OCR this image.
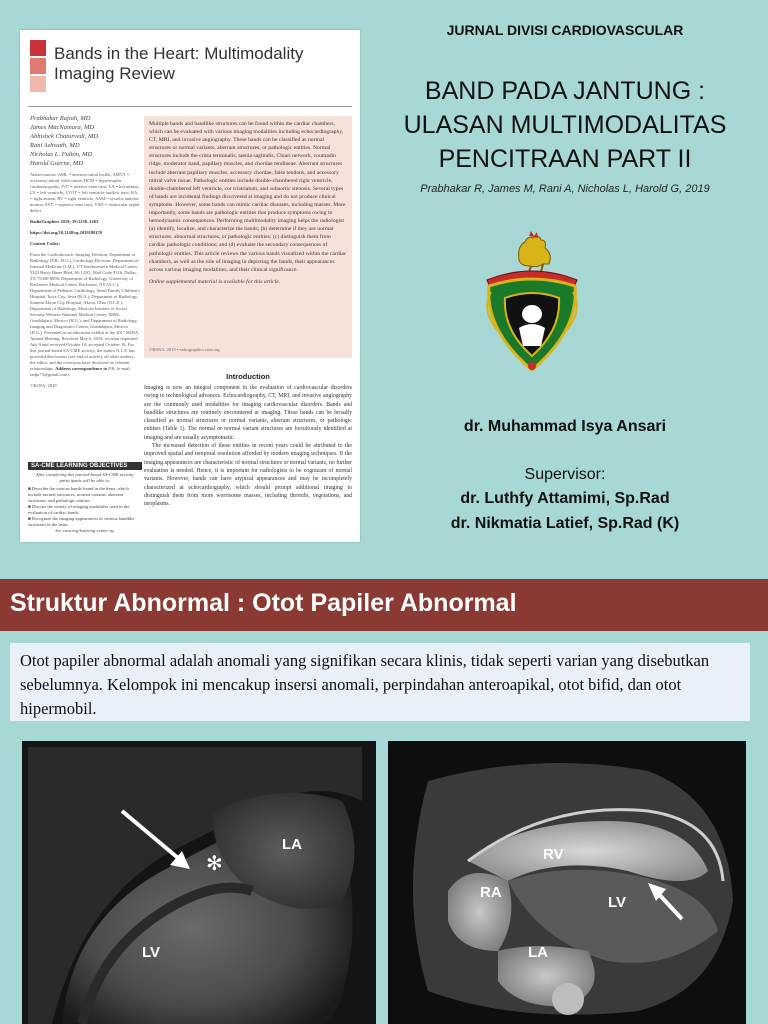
Bands in the Heart: Multimodality Imaging Review
Prabhakar Rajiah, MD
James MacNamara, MD
Abhishek Chaturvedi, MD
Rani Ashwath, MD
Nicholas L. Fulton, MD
Harold Goerne, MD
Multiple bands and bandlike structures can be found within the cardiac chambers, which can be evaluated with various imaging modalities including echocardiography, CT, MRI, and invasive angiography. These bands can be classified as normal structures or normal variants, aberrant structures, or pathologic entities. Normal structures include the crista terminalis, taenia sagittalis, Chiari network, coumadin ridge, moderator band, papillary muscles, and chordae tendineae. Aberrant structures include aberrant papillary muscles, accessory chordae, false tendons, and accessory mitral valve tissue. Pathologic entities include double-chambered right ventricle, double-chambered left ventricle, cor triatriatum, and subaortic stenosis. Several types of bands are incidental findings discovered at imaging and do not produce clinical symptoms. However, some bands can mimic cardiac diseases, including masses. More importantly, some bands are pathologic entities that produce symptoms owing to hemodynamic consequences. Performing multimodality imaging helps the radiologist (a) identify, localize, and characterize the bands; (b) determine if they are normal structures, abnormal structures, or pathologic entities; (c) distinguish them from cardiac pathologic conditions; and (d) evaluate the secondary consequences of pathologic entities. This article reviews the various bands visualized within the cardiac chambers, as well as the role of imaging in depicting the bands, their appearances across various imaging modalities, and their clinical significance.
Online supplemental material is available for this article.
©RSNA, 2019 • radiographics.rsna.org

Abbreviations: AML = anterior mitral leaflet, AMVT = accessory mitral valve tissue, HCM = hypertrophic cardiomyopathy, IVC = inferior vena cava, LA = left atrium, LV = left ventricle, LVOT = left ventricle outflow tract, RA = right atrium, RV = right ventricle, SAM = systolic anterior motion, SVC = superior vena cava, VSD = ventricular septal defect

RadioGraphics 2019; 39:1238–1263

https://doi.org/10.1148/rg.2019180176

Content Codes:

From the Cardiothoracic Imaging Division, Department of Radiology (P.R., H.G.), Cardiology Division, Department of Internal Medicine (J.M.), UT Southwestern Medical Center, 5323 Harry Hines Blvd, E6 122G, Mail Code 9316, Dallas, TX 75390-8896; Department of Radiology, University of Rochester Medical Center, Rochester, NY (A.C.); Department of Pediatric Cardiology, Stead Family Children's Hospital, Iowa City, Iowa (R.A.); Department of Radiology, Summa Akron City Hospital, Akron, Ohio (N.L.F.); Department of Radiology, Mexican Institute of Social Security Western National Medical Center, IMSS, Guadalajara, Mexico (H.G.); and Department of Radiology, Imaging and Diagnostics Center, Guadalajara, Mexico (H.G.). Presented as an education exhibit at the 2017 RSNA Annual Meeting. Received May 6, 2018; revision requested July 9 and received October 10; accepted October 16. For this journal-based SA-CME activity, the author N.L.F. has provided disclosures (see end of article); all other authors, the editor, and the reviewers have disclosed no relevant relationships. Address correspondence to P.R. (e-mail: radpr73@gmail.com).

©RSNA, 2019

SA-CME LEARNING OBJECTIVES
After completing this journal-based SA-CME activity, participants will be able to:
■ Describe the various bands found in the heart, which include normal structures, normal variants, aberrant structures, and pathologic entities.
■ Discuss the variety of imaging modalities used in the evaluation of cardiac bands.
■ Recognize the imaging appearances of various bandlike structures in the heart.
See rsna.org/learning-center-rg.
Introduction
Imaging is now an integral component in the evaluation of cardiovascular disorders owing to technological advances. Echocardiography, CT, MRI, and invasive angiography are the commonly used modalities for imaging cardiovascular disorders. Bands and bandlike structures are routinely encountered at imaging. These bands can be broadly classified as normal structures or normal variants, aberrant structures, or pathologic entities (Table 1). The normal or normal variant structures are fortuitously identified at imaging and are usually asymptomatic.
The increased detection of these entities in recent years could be attributed to the improved spatial and temporal resolution afforded by modern imaging techniques. If the imaging appearances are characteristic of normal structures or normal variants, no further evaluation is needed. Hence, it is important for radiologists to be cognizant of normal variants. However, bands can have atypical appearances and may be incompletely characterized at echocardiography, which should prompt additional imaging to distinguish them from more worrisome masses, including thrombi, vegetations, and neoplasms.
JURNAL DIVISI CARDIOVASCULAR
BAND PADA JANTUNG :
ULASAN MULTIMODALITAS
PENCITRAAN PART II
Prabhakar R, James M, Rani A, Nicholas L, Harold G, 2019
dr. Muhammad Isya Ansari
Supervisor:
dr. Luthfy Attamimi, Sp.Rad
dr. Nikmatia Latief, Sp.Rad (K)
Struktur Abnormal : Otot Papiler Abnormal
Otot papiler abnormal adalah anomali yang signifikan secara klinis, tidak seperti varian yang disebutkan sebelumnya. Kelompok ini mencakup insersi anomali, perpindahan anteroapikal, otot bifid, dan otot hipermobil.
LA
LV
✻	RV
RA
LV
LA
